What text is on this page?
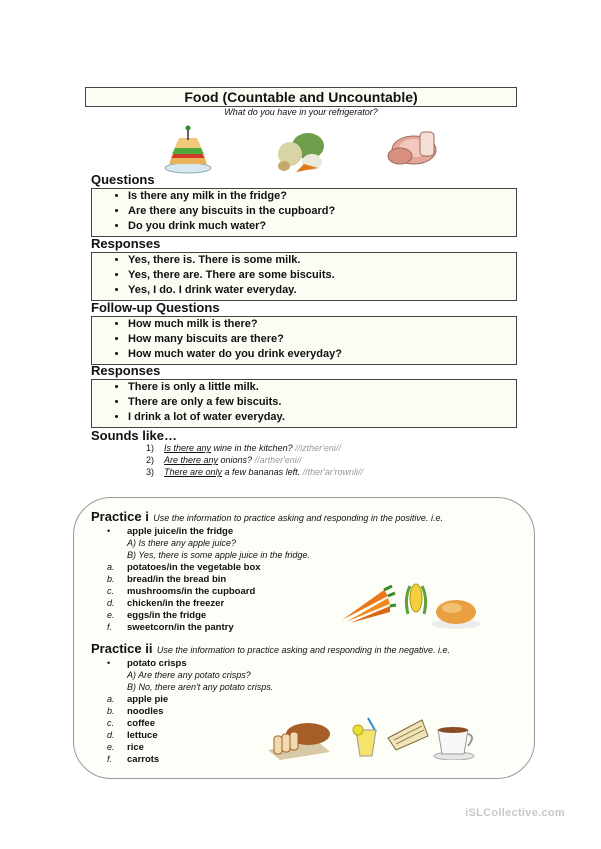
Food (Countable and Uncountable)
What do you have in your refrigerator?
Questions
• Is there any milk in the fridge?
• Are there any biscuits in the cupboard?
• Do you drink much water?
Responses
• Yes, there is. There is some milk.
• Yes, there are. There are some biscuits.
• Yes, I do. I drink water everyday.
Follow-up Questions
• How much milk is there?
• How many biscuits are there?
• How much water do you drink everyday?
Responses
• There is only a little milk.
• There are only a few biscuits.
• I drink a lot of water everyday.
Sounds like…
1) Is there any wine in the kitchen? //izther'eni//
2) Are there any onions? //arther'eni//
3) There are only a few bananas left. //ther'ar'rownli//
Practice i Use the information to practice asking and responding in the positive. i.e.
• apple juice/in the fridge
A) Is there any apple juice?
B) Yes, there is some apple juice in the fridge.
a. potatoes/in the vegetable box
b. bread/in the bread bin
c. mushrooms/in the cupboard
d. chicken/in the freezer
e. eggs/in the fridge
f. sweetcorn/in the pantry
Practice ii Use the information to practice asking and responding in the negative. i.e.
• potato crisps
A) Are there any potato crisps?
B) No, there aren't any potato crisps.
a. apple pie
b. noodles
c. coffee
d. lettuce
e. rice
f. carrots
iSLCollective.com
